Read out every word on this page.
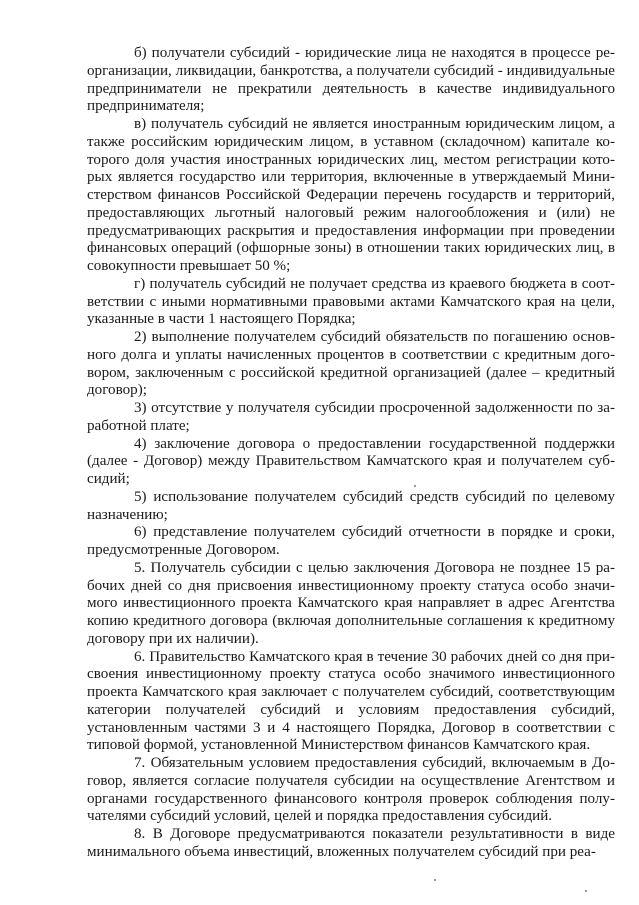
б) получатели субсидий - юридические лица не находятся в процессе реорганизации, ликвидации, банкротства, а получатели субсидий - индивидуальные предприниматели не прекратили деятельность в качестве индивидуального предпринимателя;

в) получатель субсидий не является иностранным юридическим лицом, а также российским юридическим лицом, в уставном (складочном) капитале которого доля участия иностранных юридических лиц, местом регистрации которых является государство или территория, включенные в утверждаемый Министерством финансов Российской Федерации перечень государств и территорий, предоставляющих льготный налоговый режим налогообложения и (или) не предусматривающих раскрытия и предоставления информации при проведении финансовых операций (офшорные зоны) в отношении таких юридических лиц, в совокупности превышает 50 %;

г) получатель субсидий не получает средства из краевого бюджета в соответствии с иными нормативными правовыми актами Камчатского края на цели, указанные в части 1 настоящего Порядка;

2) выполнение получателем субсидий обязательств по погашению основного долга и уплаты начисленных процентов в соответствии с кредитным договором, заключенным с российской кредитной организацией (далее – кредитный договор);

3) отсутствие у получателя субсидии просроченной задолженности по заработной плате;

4) заключение договора о предоставлении государственной поддержки (далее - Договор) между Правительством Камчатского края и получателем субсидий;

5) использование получателем субсидий средств субсидий по целевому назначению;

6) представление получателем субсидий отчетности в порядке и сроки, предусмотренные Договором.

5. Получатель субсидии с целью заключения Договора не позднее 15 рабочих дней со дня присвоения инвестиционному проекту статуса особо значимого инвестиционного проекта Камчатского края направляет в адрес Агентства копию кредитного договора (включая дополнительные соглашения к кредитному договору при их наличии).

6. Правительство Камчатского края в течение 30 рабочих дней со дня присвоения инвестиционному проекту статуса особо значимого инвестиционного проекта Камчатского края заключает с получателем субсидий, соответствующим категории получателей субсидий и условиям предоставления субсидий, установленным частями 3 и 4 настоящего Порядка, Договор в соответствии с типовой формой, установленной Министерством финансов Камчатского края.

7. Обязательным условием предоставления субсидий, включаемым в Договор, является согласие получателя субсидии на осуществление Агентством и органами государственного финансового контроля проверок соблюдения получателями субсидий условий, целей и порядка предоставления субсидий.

8. В Договоре предусматриваются показатели результативности в виде минимального объема инвестиций, вложенных получателем субсидий при реа-
